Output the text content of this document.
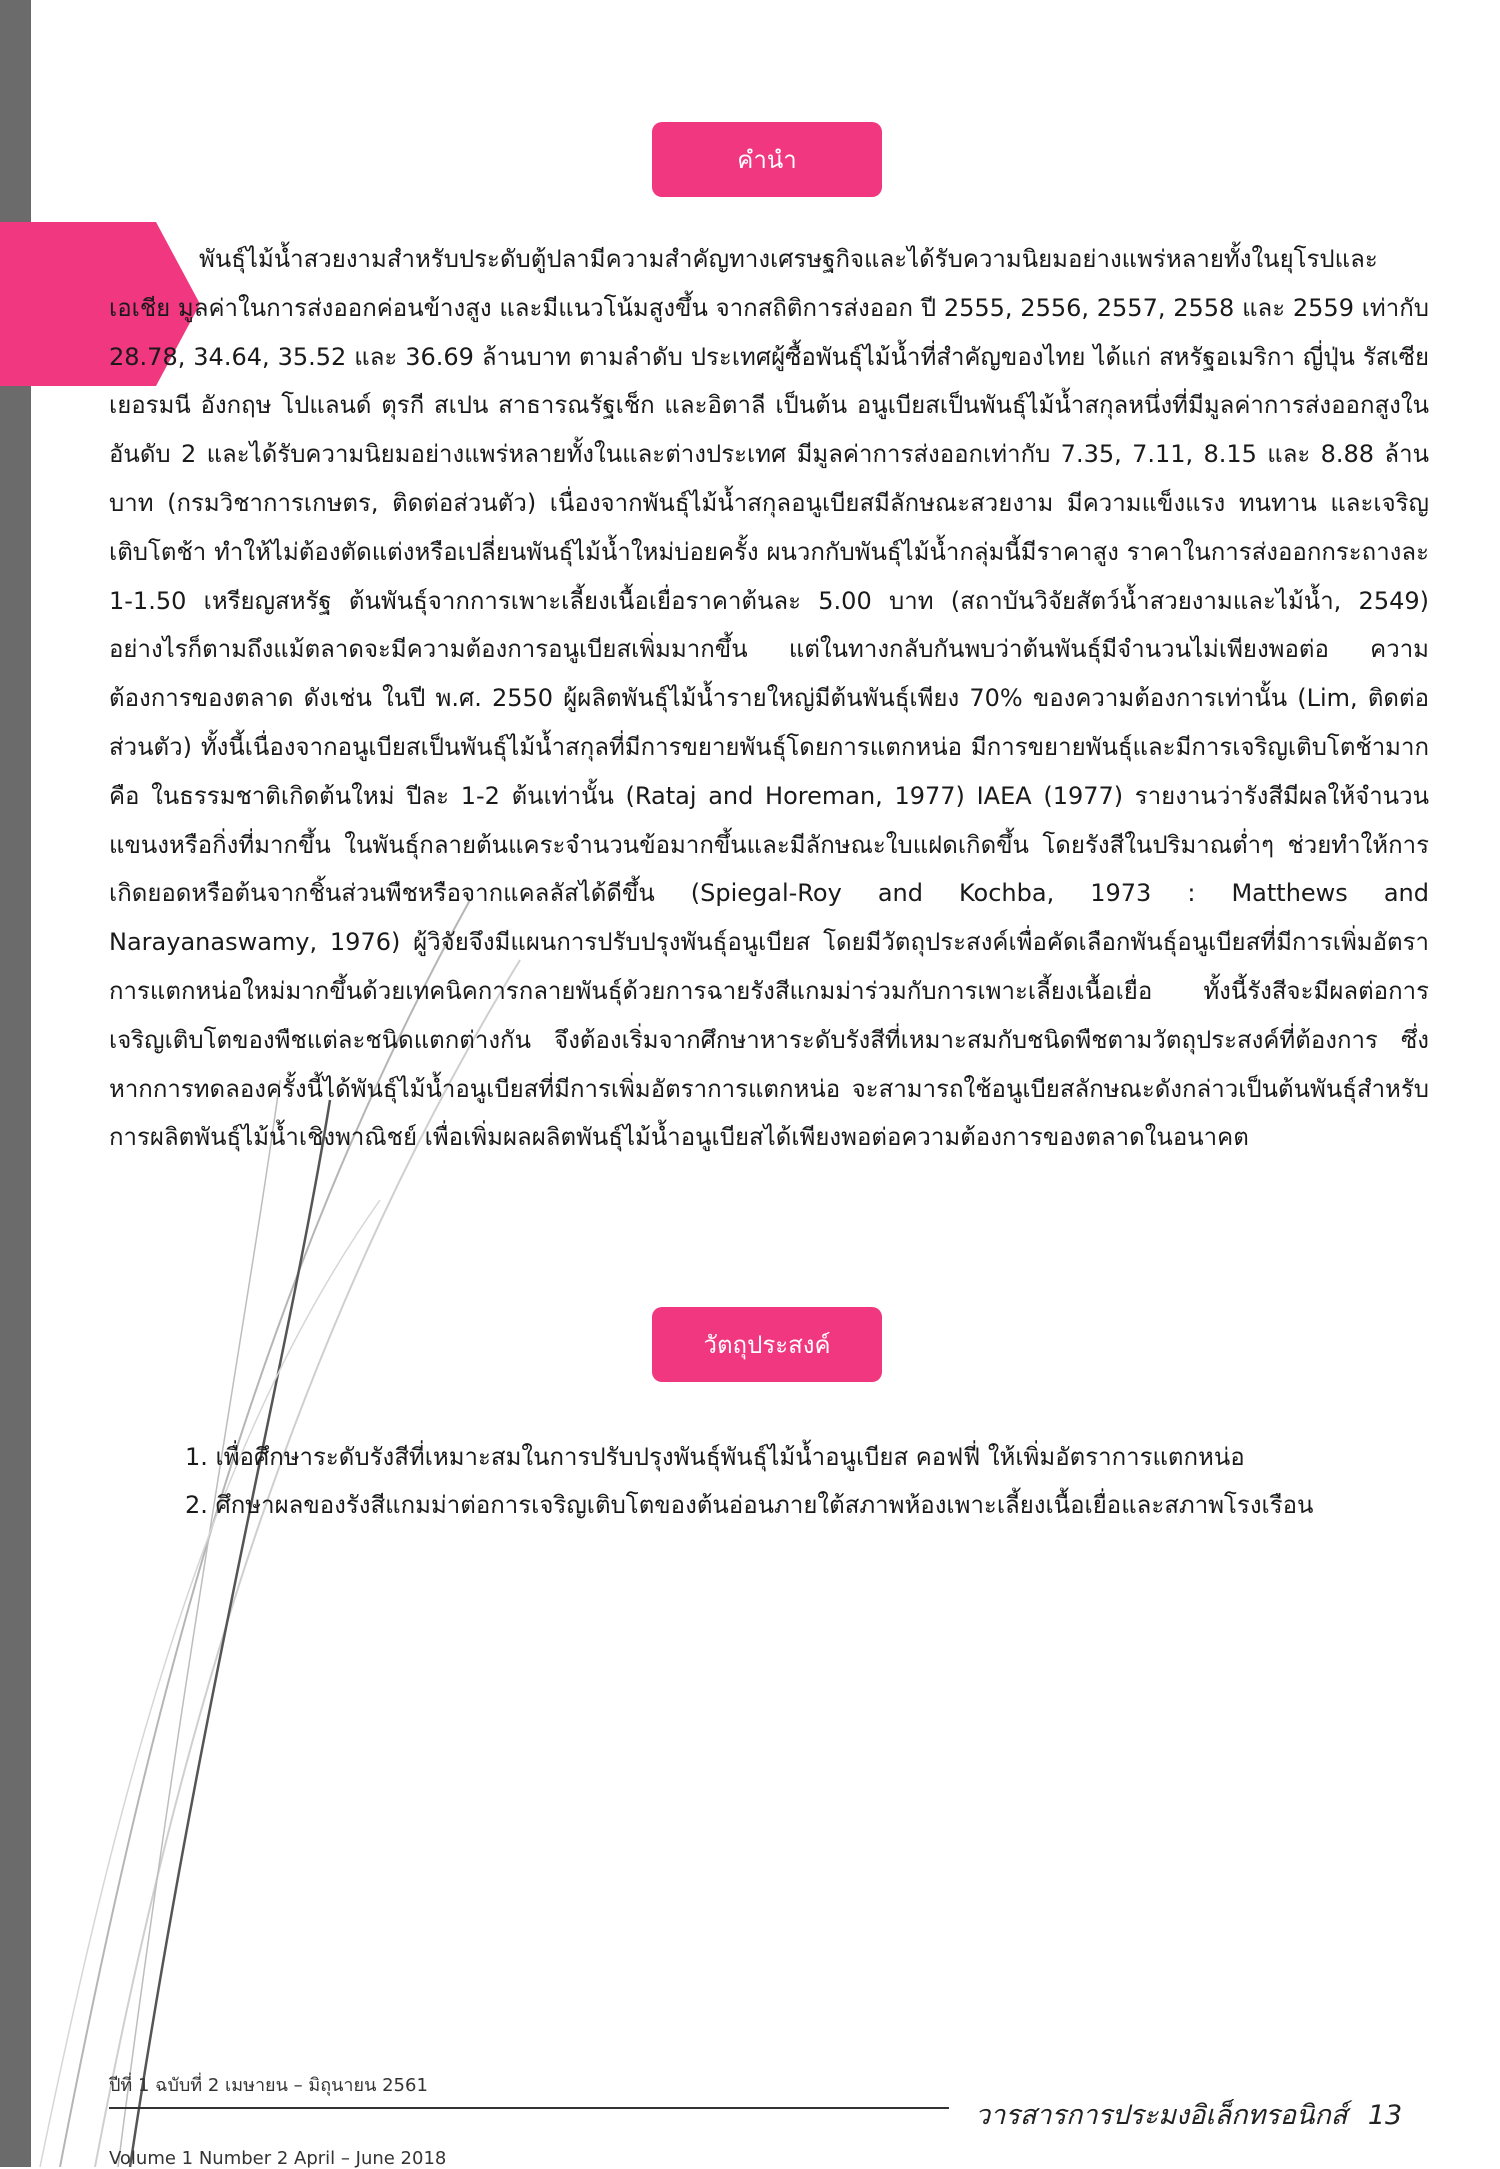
คำนำ

พันธุ์ไม้น้ำสวยงามสำหรับประดับตู้ปลามีความสำคัญทางเศรษฐกิจและได้รับความนิยมอย่างแพร่หลายทั้งในยุโรปและเอเชีย มูลค่าในการส่งออกค่อนข้างสูง และมีแนวโน้มสูงขึ้น จากสถิติการส่งออก ปี 2555, 2556, 2557, 2558 และ 2559 เท่ากับ 28.78, 34.64, 35.52 และ 36.69 ล้านบาท ตามลำดับ ประเทศผู้ซื้อพันธุ์ไม้น้ำที่สำคัญของไทย ได้แก่ สหรัฐอเมริกา ญี่ปุ่น รัสเซีย เยอรมนี อังกฤษ โปแลนด์ ตุรกี สเปน สาธารณรัฐเช็ก และอิตาลี เป็นต้น อนูเบียสเป็นพันธุ์ไม้น้ำสกุลหนึ่งที่มีมูลค่าการส่งออกสูงในอันดับ 2 และได้รับความนิยมอย่างแพร่หลายทั้งในและต่างประเทศ มีมูลค่าการส่งออกเท่ากับ 7.35, 7.11, 8.15 และ 8.88 ล้านบาท (กรมวิชาการเกษตร, ติดต่อส่วนตัว) เนื่องจากพันธุ์ไม้น้ำสกุลอนูเบียสมีลักษณะสวยงาม มีความแข็งแรง ทนทาน และเจริญเติบโตช้า ทำให้ไม่ต้องตัดแต่งหรือเปลี่ยนพันธุ์ไม้น้ำใหม่บ่อยครั้ง ผนวกกับพันธุ์ไม้น้ำกลุ่มนี้มีราคาสูง ราคาในการส่งออกกระถางละ 1-1.50 เหรียญสหรัฐ ต้นพันธุ์จากการเพาะเลี้ยงเนื้อเยื่อราคาต้นละ 5.00 บาท (สถาบันวิจัยสัตว์น้ำสวยงามและไม้น้ำ, 2549) อย่างไรก็ตามถึงแม้ตลาดจะมีความต้องการอนูเบียสเพิ่มมากขึ้น แต่ในทางกลับกันพบว่าต้นพันธุ์มีจำนวนไม่เพียงพอต่อ ความต้องการของตลาด ดังเช่น ในปี พ.ศ. 2550 ผู้ผลิตพันธุ์ไม้น้ำรายใหญ่มีต้นพันธุ์เพียง 70% ของความต้องการเท่านั้น (Lim, ติดต่อส่วนตัว) ทั้งนี้เนื่องจากอนูเบียสเป็นพันธุ์ไม้น้ำสกุลที่มีการขยายพันธุ์โดยการแตกหน่อ มีการขยายพันธุ์และมีการเจริญเติบโตช้ามากคือ ในธรรมชาติเกิดต้นใหม่ ปีละ 1-2 ต้นเท่านั้น (Rataj and Horeman, 1977) IAEA (1977) รายงานว่ารังสีมีผลให้จำนวนแขนงหรือกิ่งที่มากขึ้น ในพันธุ์กลายต้นแคระจำนวนข้อมากขึ้นและมีลักษณะใบแฝดเกิดขึ้น โดยรังสีในปริมาณต่ำๆ ช่วยทำให้การเกิดยอดหรือต้นจากชิ้นส่วนพืชหรือจากแคลลัสได้ดีขึ้น (Spiegal-Roy and Kochba, 1973 : Matthews and Narayanaswamy, 1976) ผู้วิจัยจึงมีแผนการปรับปรุงพันธุ์อนูเบียส โดยมีวัตถุประสงค์เพื่อคัดเลือกพันธุ์อนูเบียสที่มีการเพิ่มอัตราการแตกหน่อใหม่มากขึ้นด้วยเทคนิคการกลายพันธุ์ด้วยการฉายรังสีแกมม่าร่วมกับการเพาะเลี้ยงเนื้อเยื่อ ทั้งนี้รังสีจะมีผลต่อการเจริญเติบโตของพืชแต่ละชนิดแตกต่างกัน จึงต้องเริ่มจากศึกษาหาระดับรังสีที่เหมาะสมกับชนิดพืชตามวัตถุประสงค์ที่ต้องการ ซึ่งหากการทดลองครั้งนี้ได้พันธุ์ไม้น้ำอนูเบียสที่มีการเพิ่มอัตราการแตกหน่อ จะสามารถใช้อนูเบียสลักษณะดังกล่าวเป็นต้นพันธุ์สำหรับการผลิตพันธุ์ไม้น้ำเชิงพาณิชย์ เพื่อเพิ่มผลผลิตพันธุ์ไม้น้ำอนูเบียสได้เพียงพอต่อความต้องการของตลาดในอนาคต

วัตถุประสงค์
1. เพื่อศึกษาระดับรังสีที่เหมาะสมในการปรับปรุงพันธุ์พันธุ์ไม้น้ำอนูเบียส คอฟฟี่ ให้เพิ่มอัตราการแตกหน่อ
2. ศึกษาผลของรังสีแกมม่าต่อการเจริญเติบโตของต้นอ่อนภายใต้สภาพห้องเพาะเลี้ยงเนื้อเยื่อและสภาพโรงเรือน
ปีที่ 1 ฉบับที่ 2 เมษายน – มิถุนายน 2561
Volume 1 Number 2 April – June 2018
วารสารการประมงอิเล็กทรอนิกส์ 13
